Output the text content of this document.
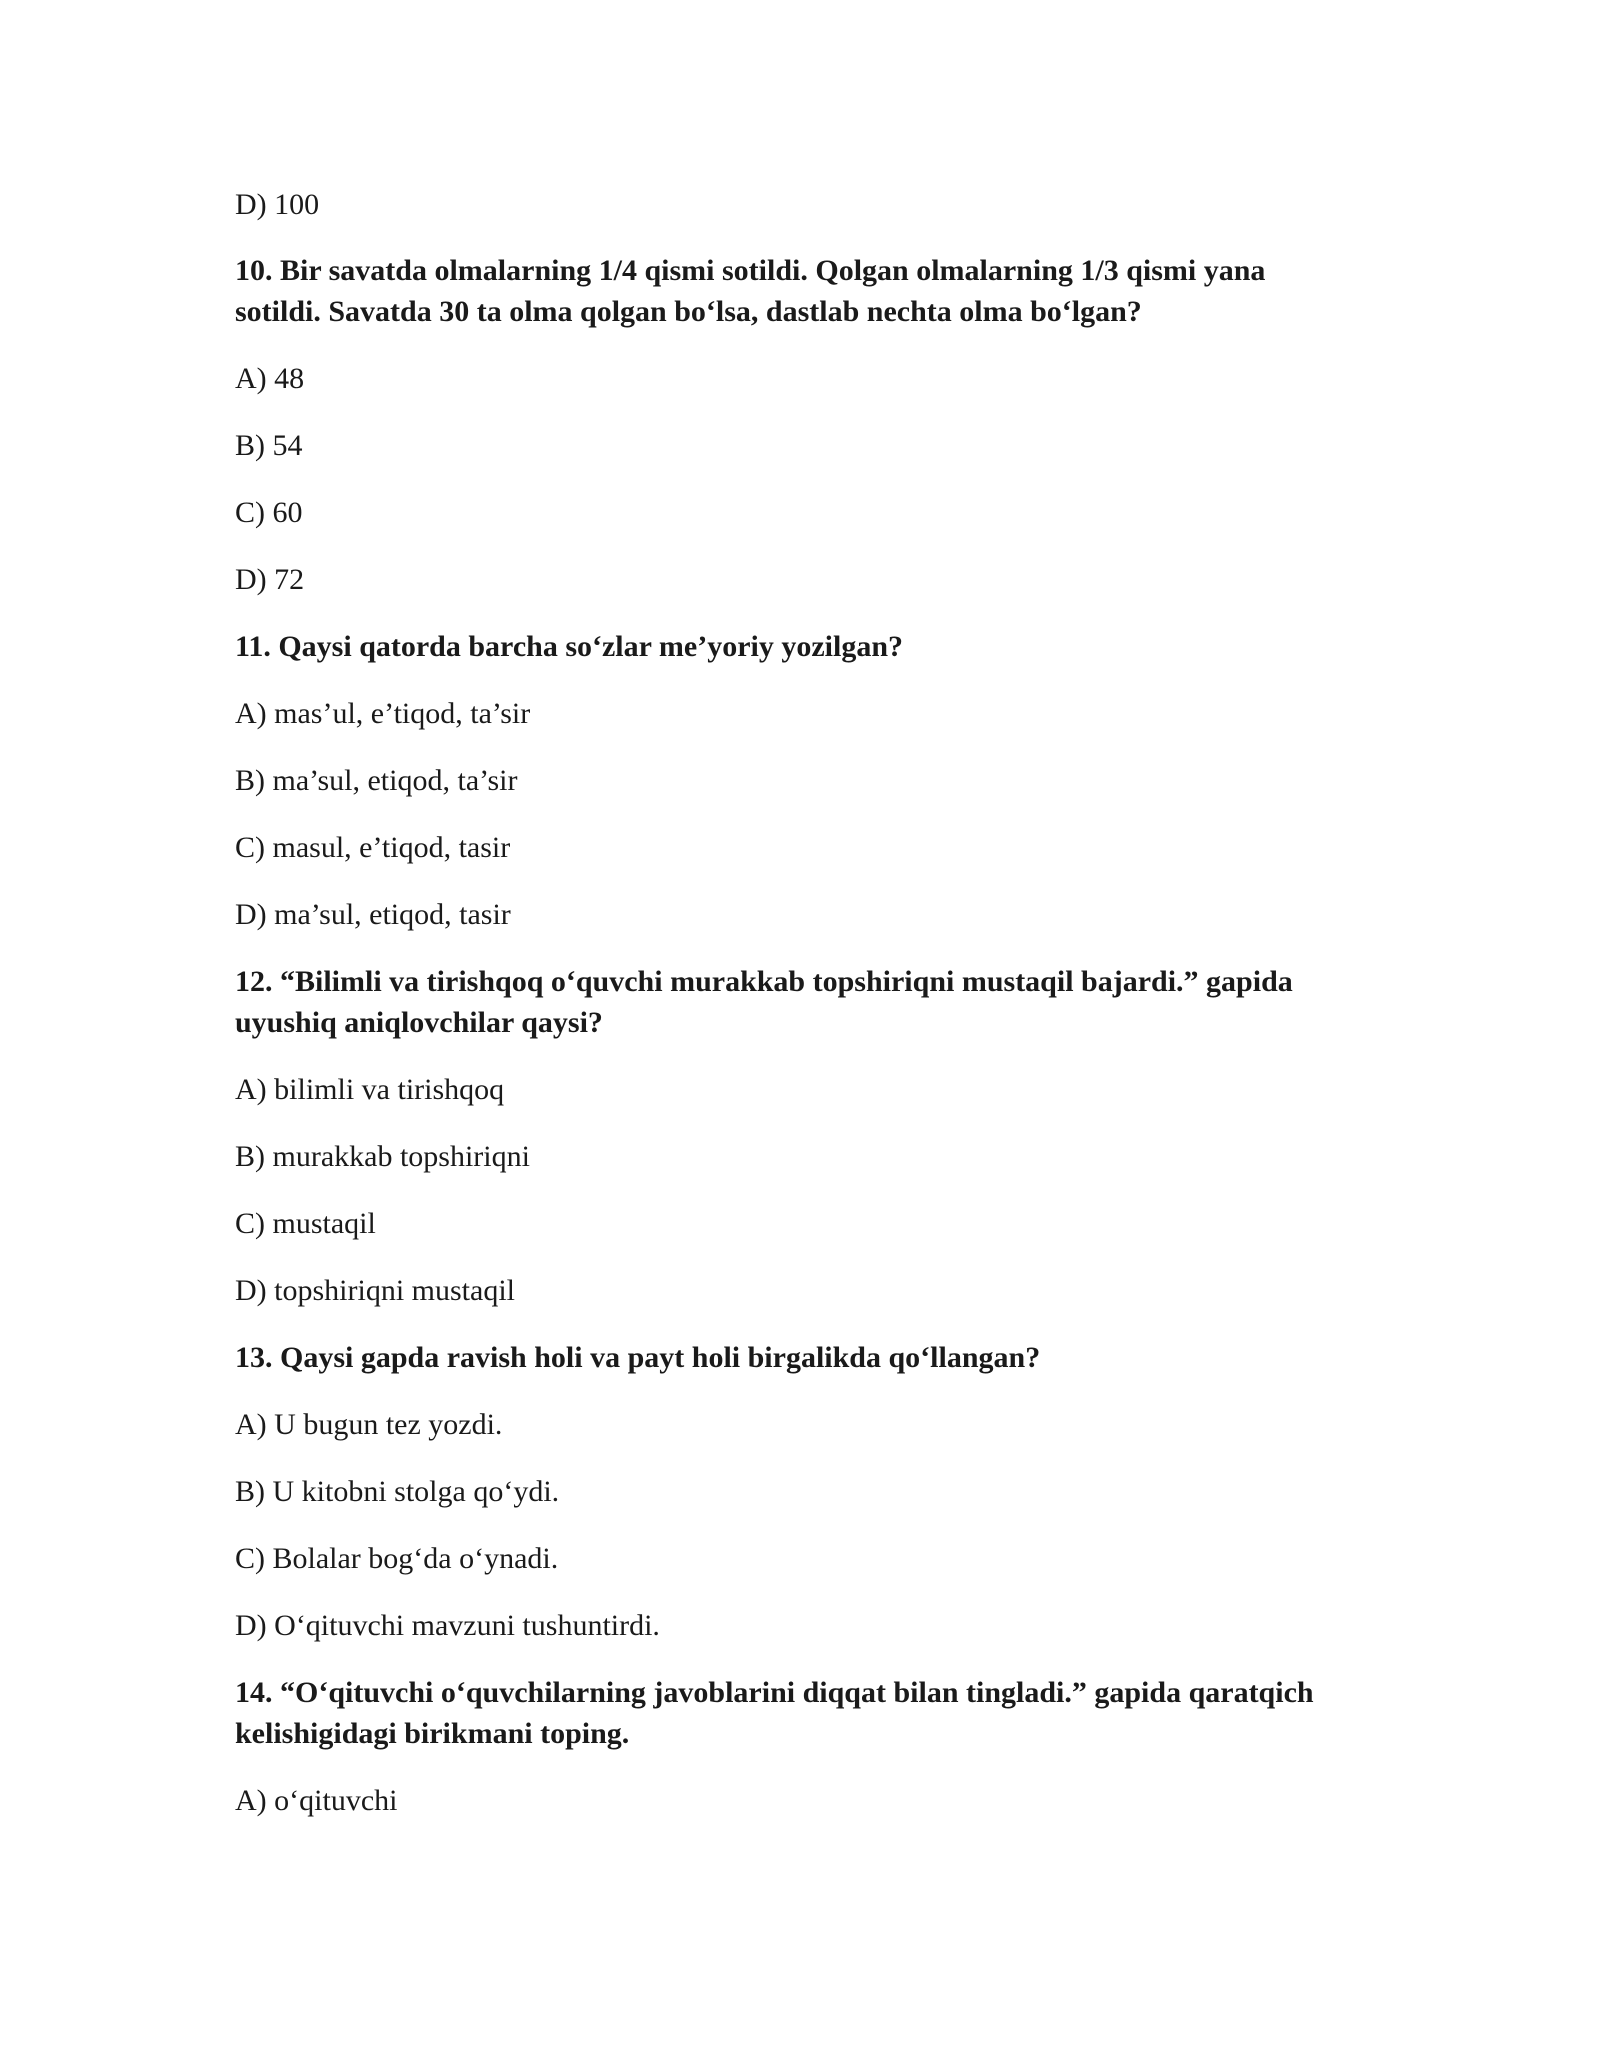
D) 100
10. Bir savatda olmalarning 1/4 qismi sotildi. Qolgan olmalarning 1/3 qismi yana
sotildi. Savatda 30 ta olma qolgan bo‘lsa, dastlab nechta olma bo‘lgan?
A) 48
B) 54
C) 60
D) 72
11. Qaysi qatorda barcha so‘zlar me’yoriy yozilgan?
A) mas’ul, e’tiqod, ta’sir
B) ma’sul, etiqod, ta’sir
C) masul, e’tiqod, tasir
D) ma’sul, etiqod, tasir
12. “Bilimli va tirishqoq o‘quvchi murakkab topshiriqni mustaqil bajardi.” gapida
uyushiq aniqlovchilar qaysi?
A) bilimli va tirishqoq
B) murakkab topshiriqni
C) mustaqil
D) topshiriqni mustaqil
13. Qaysi gapda ravish holi va payt holi birgalikda qo‘llangan?
A) U bugun tez yozdi.
B) U kitobni stolga qo‘ydi.
C) Bolalar bog‘da o‘ynadi.
D) O‘qituvchi mavzuni tushuntirdi.
14. “O‘qituvchi o‘quvchilarning javoblarini diqqat bilan tingladi.” gapida qaratqich
kelishigidagi birikmani toping.
A) o‘qituvchi
